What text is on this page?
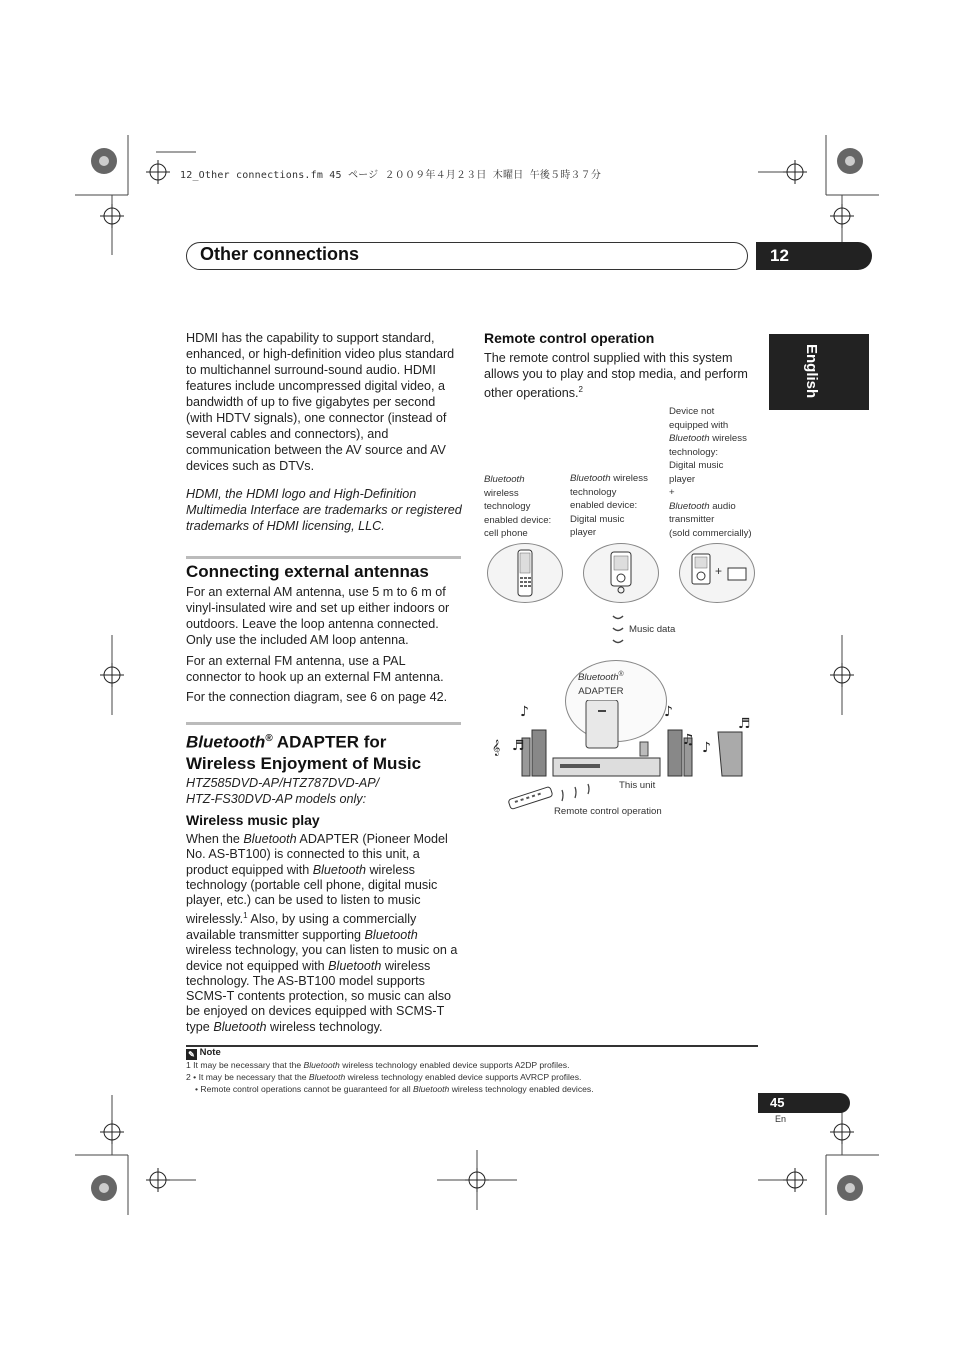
12_Other connections.fm 45 ページ ２００９年４月２３日 木曜日 午後５時３７分
Other connections	12
English

HDMI has the capability to support standard, enhanced, or high-definition video plus standard to multichannel surround-sound audio. HDMI features include uncompressed digital video, a bandwidth of up to five gigabytes per second (with HDTV signals), one connector (instead of several cables and connectors), and communication between the AV source and AV devices such as DTVs.

HDMI, the HDMI logo and High-Definition Multimedia Interface are trademarks or registered trademarks of HDMI licensing, LLC.

Connecting external antennas

For an external AM antenna, use 5 m to 6 m of vinyl-insulated wire and set up either indoors or outdoors. Leave the loop antenna connected. Only use the included AM loop antenna.

For an external FM antenna, use a PAL connector to hook up an external FM antenna.

For the connection diagram, see 6 on page 42.

Bluetooth® ADAPTER for
Wireless Enjoyment of Music
HTZ585DVD-AP/HTZ787DVD-AP/
HTZ-FS30DVD-AP models only:
Wireless music play
When the Bluetooth ADAPTER (Pioneer Model No. AS-BT100) is connected to this unit, a product equipped with Bluetooth wireless technology (portable cell phone, digital music player, etc.) can be used to listen to music wirelessly.$^1$ Also, by using a commercially available transmitter supporting Bluetooth wireless technology, you can listen to music on a device not equipped with Bluetooth wireless technology. The AS-BT100 model supports SCMS-T contents protection, so music can also be enjoyed on devices equipped with SCMS-T type Bluetooth wireless technology.
Remote control operation
The remote control supplied with this system allows you to play and stop media, and perform other operations.$^2$
Bluetooth
wireless
technology
enabled device:
cell phone
Bluetooth wireless
technology
enabled device:
Digital music
player
Device not
equipped with
Bluetooth wireless
technology:
Digital music
player
+
Bluetooth audio
transmitter
(sold commercially)
+
Music data
Bluetooth®
ADAPTER
♪	♪
♬
𝄞 ♬	♫ ♪
This unit
Remote control operation
✎ Note
1 It may be necessary that the Bluetooth wireless technology enabled device supports A2DP profiles.
2 • It may be necessary that the Bluetooth wireless technology enabled device supports AVRCP profiles.
• Remote control operations cannot be guaranteed for all Bluetooth wireless technology enabled devices.
45
En
